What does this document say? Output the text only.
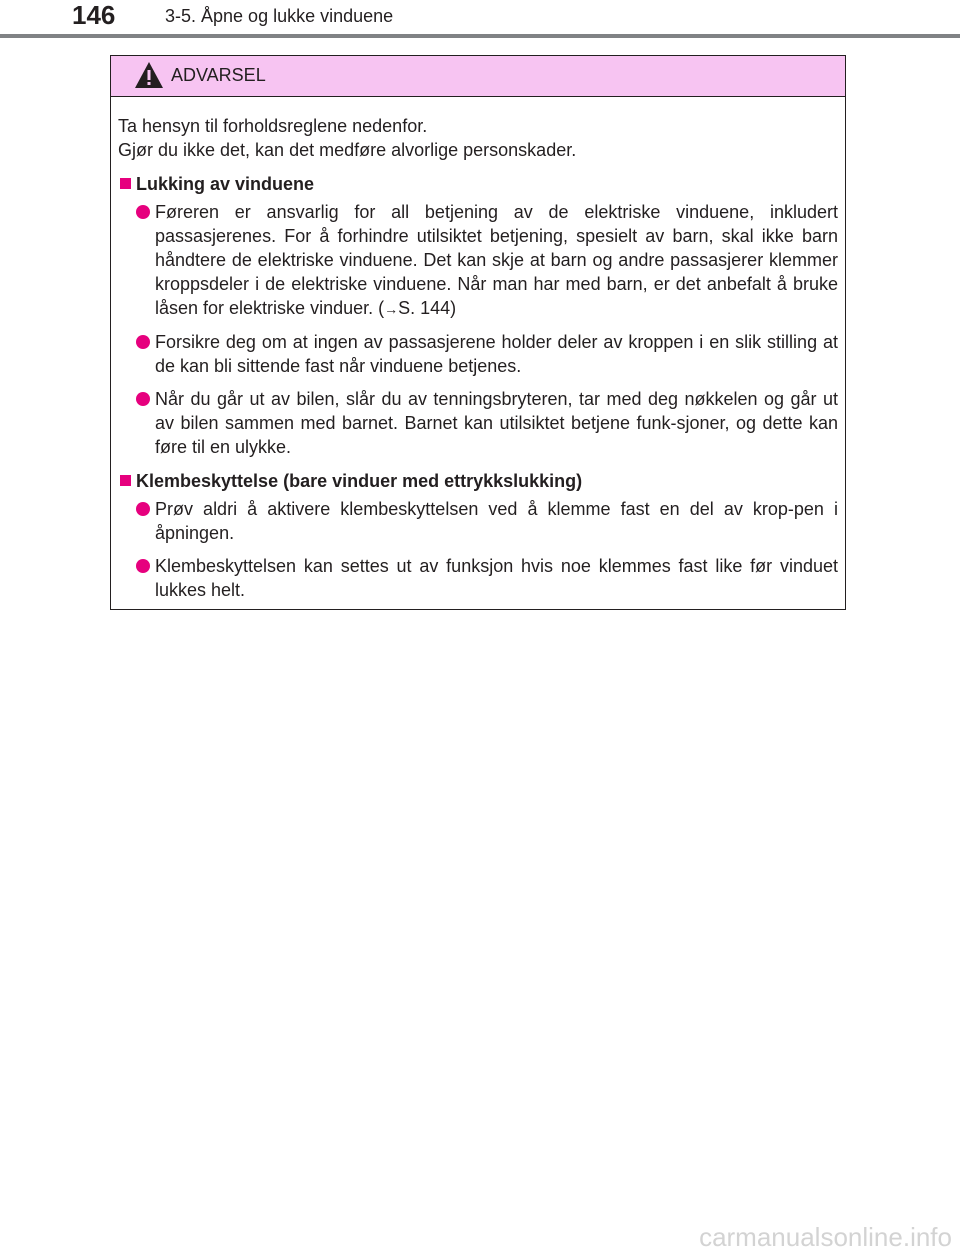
146	3-5. Åpne og lukke vinduene
ADVARSEL

Ta hensyn til forholdsreglene nedenfor.

Gjør du ikke det, kan det medføre alvorlige personskader.

Lukking av vinduene
Føreren er ansvarlig for all betjening av de elektriske vinduene, inkludert passasjerenes. For å forhindre utilsiktet betjening, spesielt av barn, skal ikke barn håndtere de elektriske vinduene. Det kan skje at barn og andre passasjerer klemmer kroppsdeler i de elektriske vinduene. Når man har med barn, er det anbefalt å bruke låsen for elektriske vinduer. (→S. 144)
Forsikre deg om at ingen av passasjerene holder deler av kroppen i en slik stilling at de kan bli sittende fast når vinduene betjenes.
Når du går ut av bilen, slår du av tenningsbryteren, tar med deg nøkkelen og går ut av bilen sammen med barnet. Barnet kan utilsiktet betjene funk-sjoner, og dette kan føre til en ulykke.
Klembeskyttelse (bare vinduer med ettrykkslukking)
Prøv aldri å aktivere klembeskyttelsen ved å klemme fast en del av krop-pen i åpningen.
Klembeskyttelsen kan settes ut av funksjon hvis noe klemmes fast like før vinduet lukkes helt.
carmanualsonline.info
